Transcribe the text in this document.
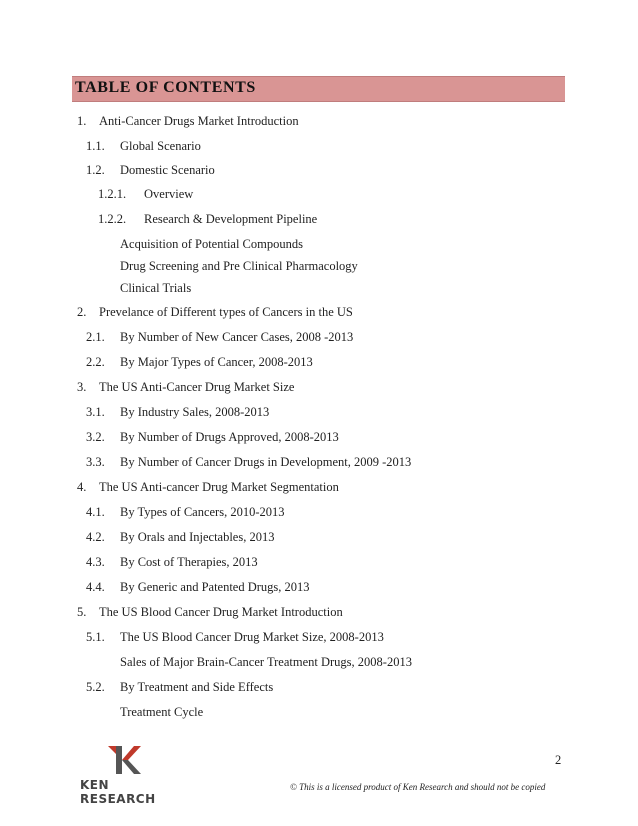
TABLE OF CONTENTS
1. Anti-Cancer Drugs Market Introduction
1.1. Global Scenario
1.2. Domestic Scenario
1.2.1. Overview
1.2.2. Research & Development Pipeline
Acquisition of Potential Compounds
Drug Screening and Pre Clinical Pharmacology
Clinical Trials
2. Prevelance of Different types of Cancers in the US
2.1. By Number of New Cancer Cases, 2008 -2013
2.2. By Major Types of Cancer, 2008-2013
3. The US Anti-Cancer Drug Market Size
3.1. By Industry Sales, 2008-2013
3.2. By Number of Drugs Approved, 2008-2013
3.3. By Number of Cancer Drugs in Development, 2009 -2013
4. The US Anti-cancer Drug Market Segmentation
4.1. By Types of Cancers, 2010-2013
4.2. By Orals and Injectables, 2013
4.3. By Cost of Therapies, 2013
4.4. By Generic and Patented Drugs, 2013
5. The US Blood Cancer Drug Market Introduction
5.1. The US Blood Cancer Drug Market Size, 2008-2013
Sales of Major Brain-Cancer Treatment Drugs, 2008-2013
5.2. By Treatment and Side Effects
Treatment Cycle
2
KEN RESEARCH
© This is a licensed product of Ken Research and should not be copied
